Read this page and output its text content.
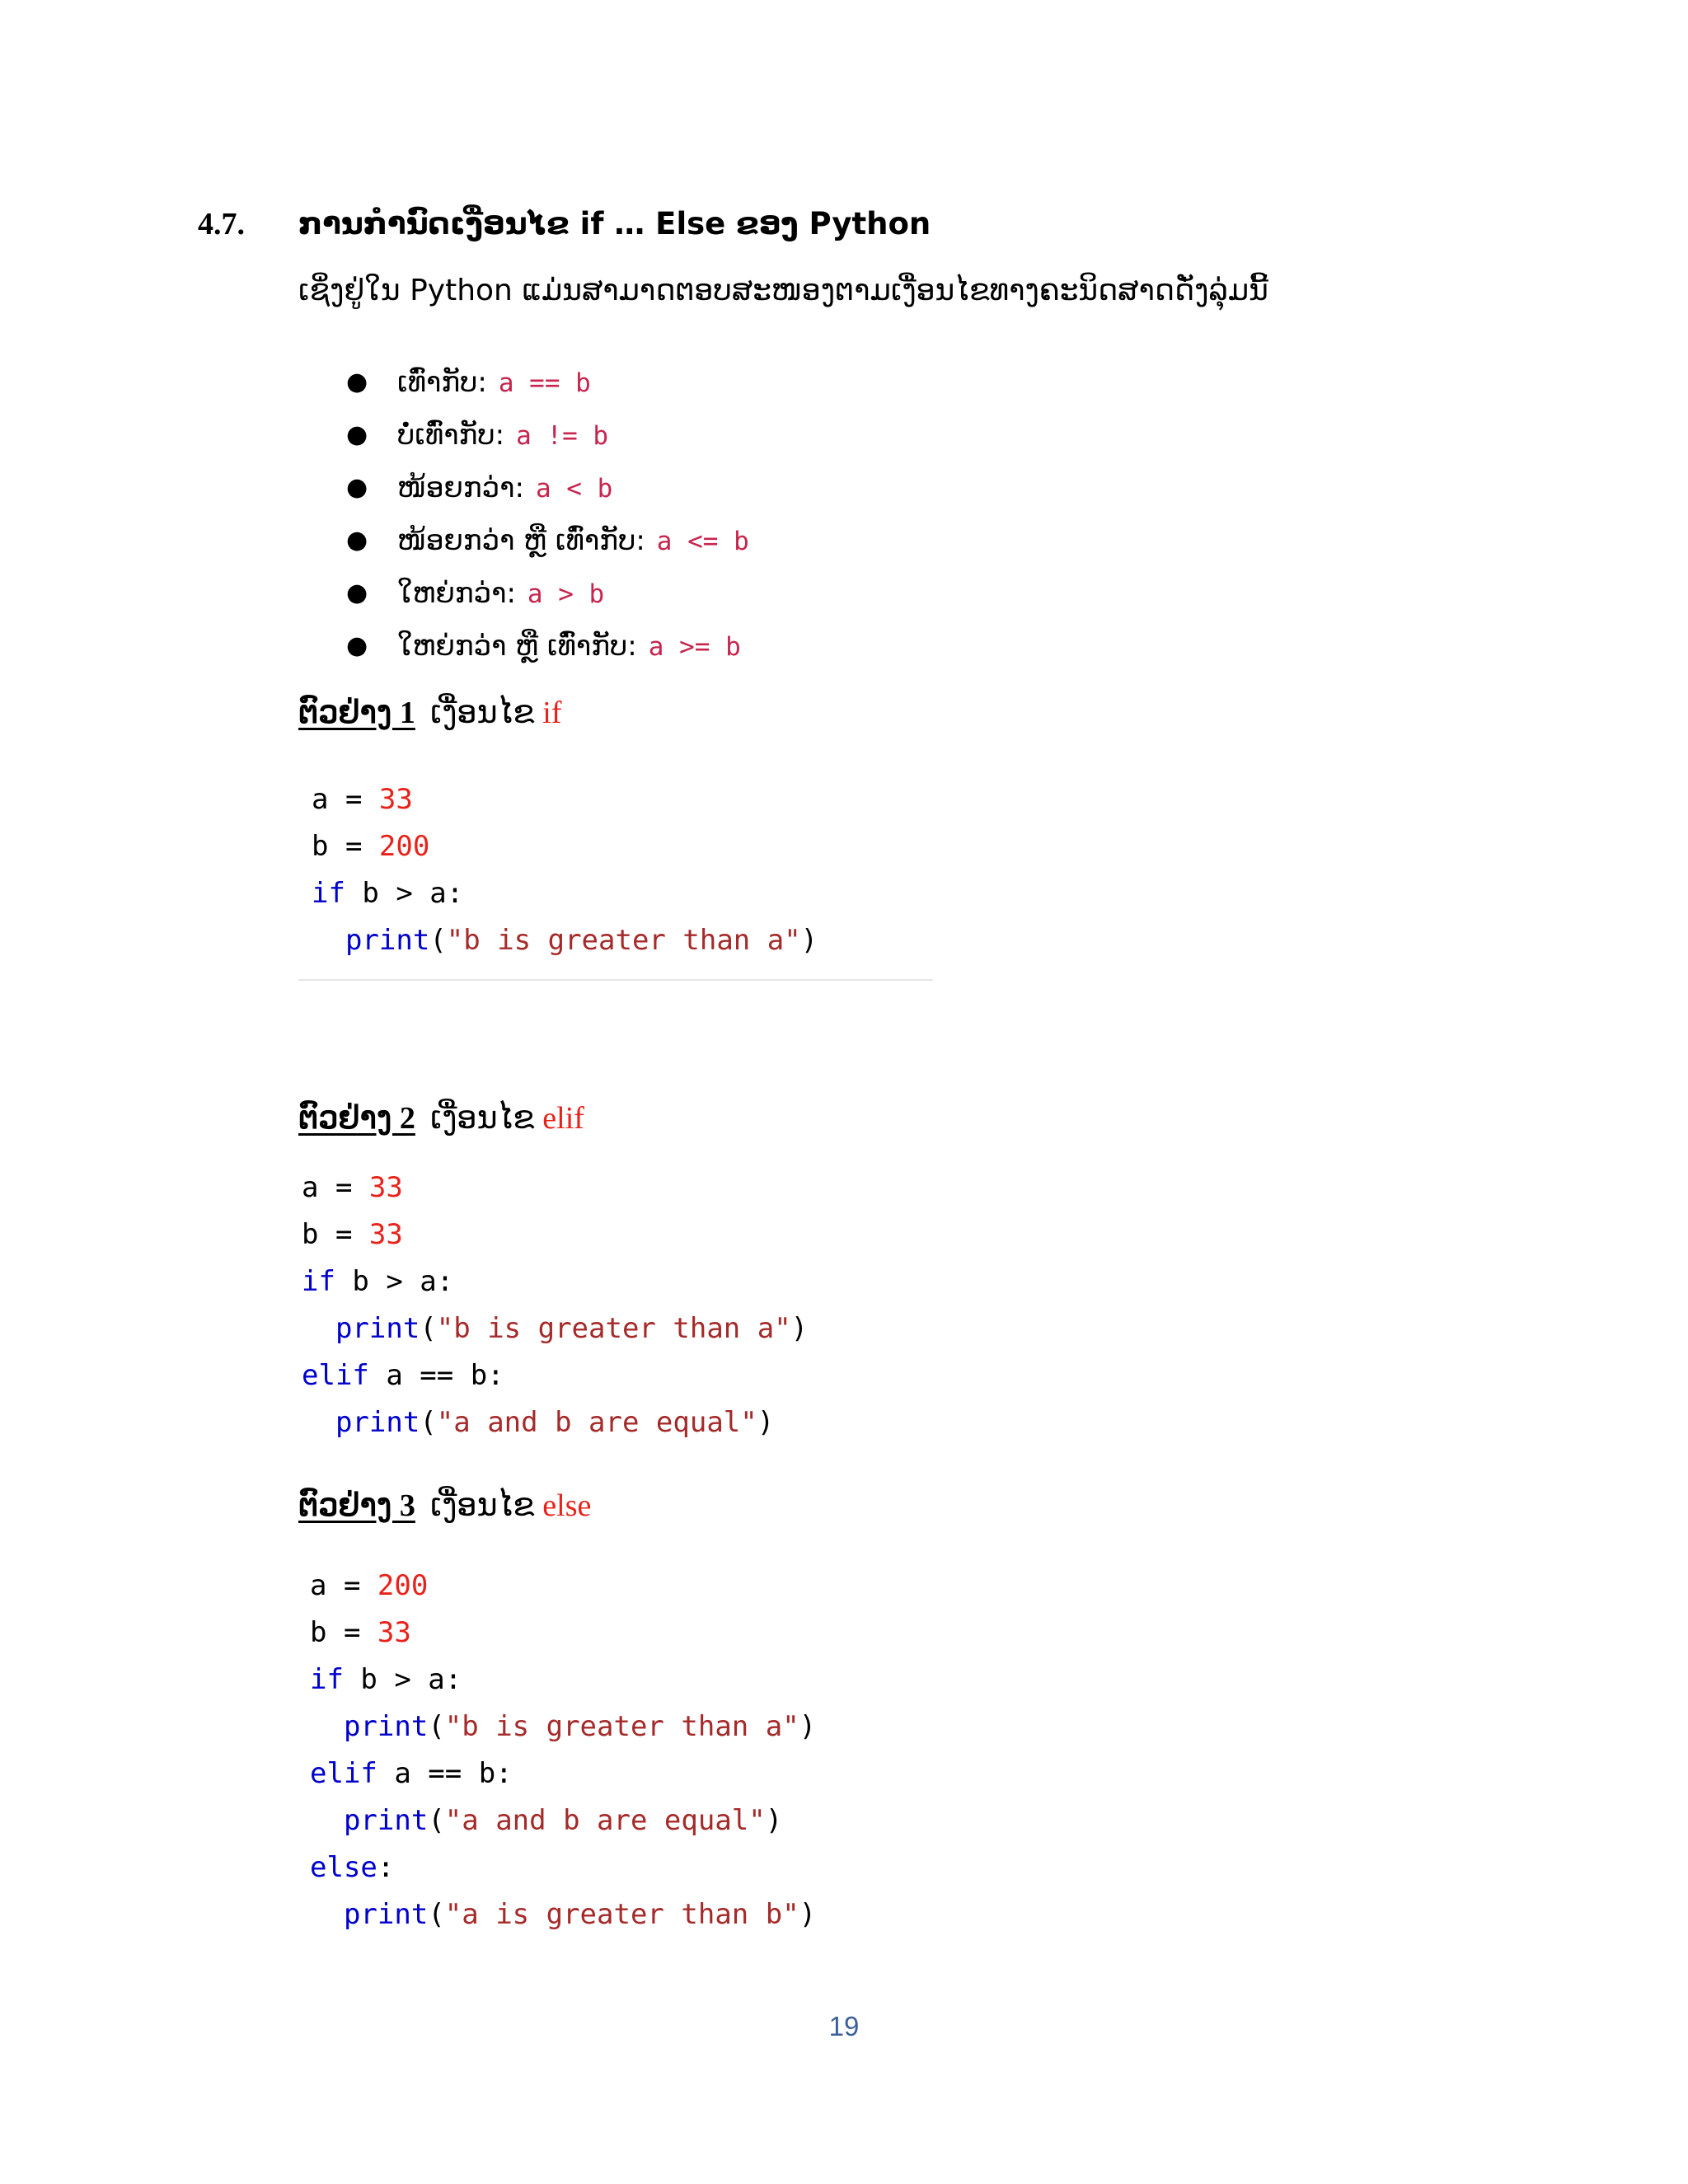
4.7. ການກຳນົດເງື່ອນໄຂ if … Else ຂອງ Python
ເຊິ່ງຢູ່ໃນ Python ແມ່ນສາມາດຕອບສະໜອງຕາມເງື່ອນໄຂທາງຄະນິດສາດດັ່ງລຸ່ມນີ້
● ເທົ່າກັບ: a == b
● ບໍ່ເທົ່າກັບ: a != b
● ໜ້ອຍກວ່າ: a < b
● ໜ້ອຍກວ່າ ຫຼື ເທົ່າກັບ: a <= b
● ໃຫຍ່ກວ່າ: a > b
● ໃຫຍ່ກວ່າ ຫຼື ເທົ່າກັບ: a >= b
ຕົວຢ່າງ 1 ເງື່ອນໄຂ if
a = 33
b = 200
if b > a:
print("b is greater than a")
ຕົວຢ່າງ 2 ເງື່ອນໄຂ elif
a = 33
b = 33
if b > a:
print("b is greater than a")
elif a == b:
print("a and b are equal")
ຕົວຢ່າງ 3 ເງື່ອນໄຂ else
a = 200
b = 33
if b > a:
print("b is greater than a")
elif a == b:
print("a and b are equal")
else:
print("a is greater than b")
19
